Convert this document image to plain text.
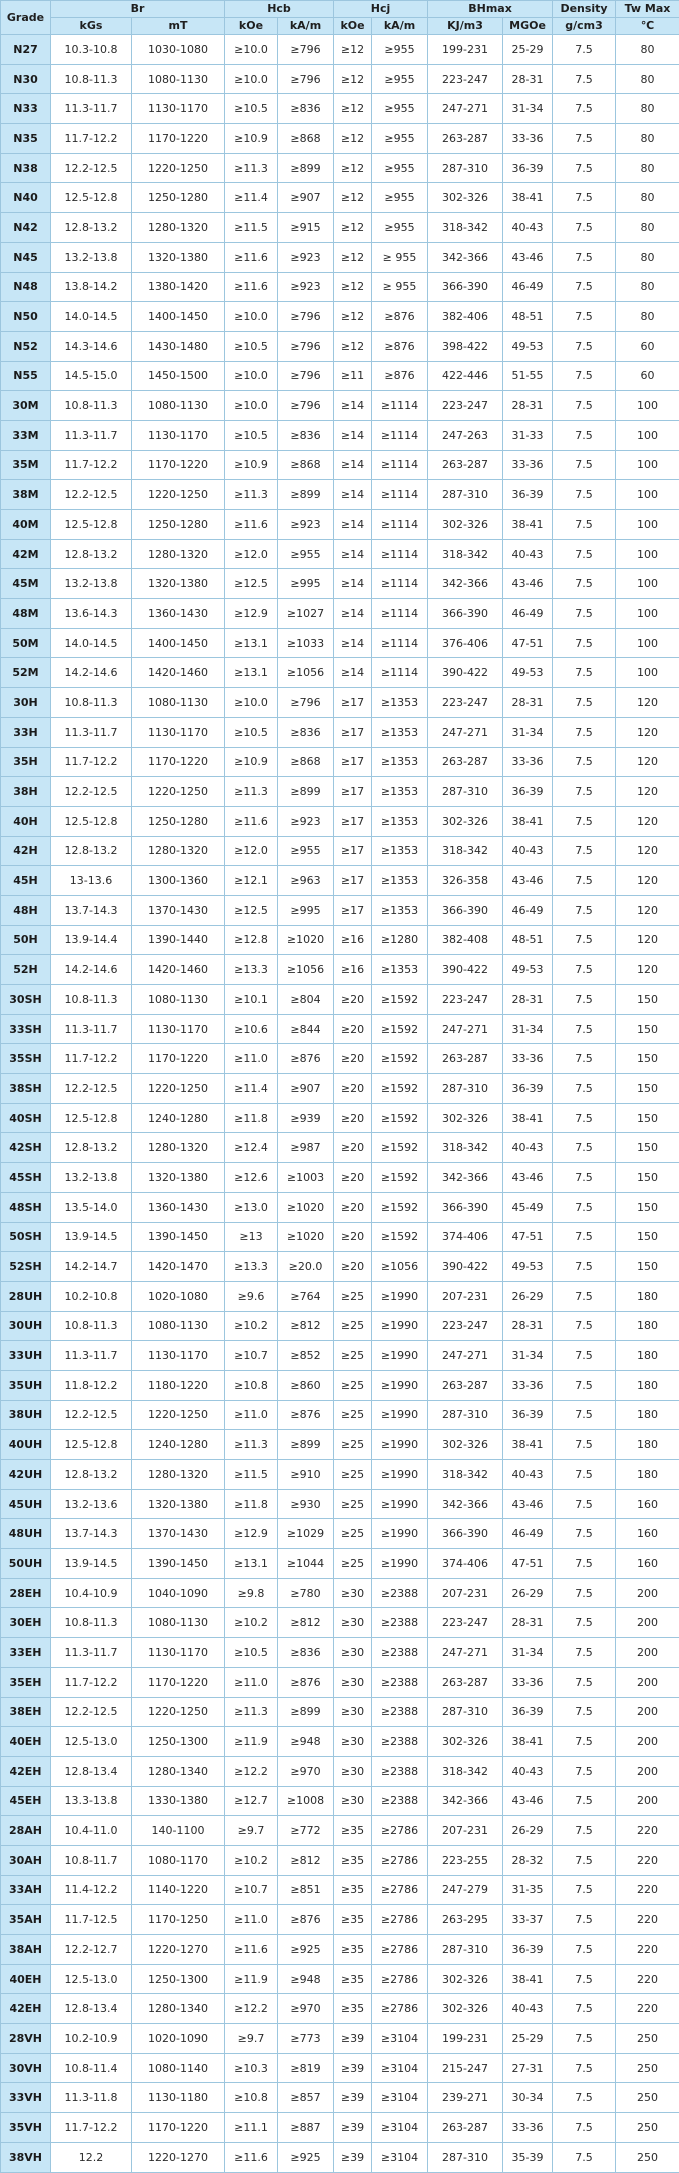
Grade	Br		Hcb		Hcj		BHmax		Density	Tw Max
	kGs	mT	kOe	kA/m	kOe	kA/m	KJ/m3	MGOe	g/cm3	℃
N27	10.3-10.8	1030-1080	≥10.0	≥796	≥12	≥955	199-231	25-29	7.5	80
N30	10.8-11.3	1080-1130	≥10.0	≥796	≥12	≥955	223-247	28-31	7.5	80
N33	11.3-11.7	1130-1170	≥10.5	≥836	≥12	≥955	247-271	31-34	7.5	80
N35	11.7-12.2	1170-1220	≥10.9	≥868	≥12	≥955	263-287	33-36	7.5	80
N38	12.2-12.5	1220-1250	≥11.3	≥899	≥12	≥955	287-310	36-39	7.5	80
N40	12.5-12.8	1250-1280	≥11.4	≥907	≥12	≥955	302-326	38-41	7.5	80
N42	12.8-13.2	1280-1320	≥11.5	≥915	≥12	≥955	318-342	40-43	7.5	80
N45	13.2-13.8	1320-1380	≥11.6	≥923	≥12	≥ 955	342-366	43-46	7.5	80
N48	13.8-14.2	1380-1420	≥11.6	≥923	≥12	≥ 955	366-390	46-49	7.5	80
N50	14.0-14.5	1400-1450	≥10.0	≥796	≥12	≥876	382-406	48-51	7.5	80
N52	14.3-14.6	1430-1480	≥10.5	≥796	≥12	≥876	398-422	49-53	7.5	60
N55	14.5-15.0	1450-1500	≥10.0	≥796	≥11	≥876	422-446	51-55	7.5	60
30M	10.8-11.3	1080-1130	≥10.0	≥796	≥14	≥1114	223-247	28-31	7.5	100
33M	11.3-11.7	1130-1170	≥10.5	≥836	≥14	≥1114	247-263	31-33	7.5	100
35M	11.7-12.2	1170-1220	≥10.9	≥868	≥14	≥1114	263-287	33-36	7.5	100
38M	12.2-12.5	1220-1250	≥11.3	≥899	≥14	≥1114	287-310	36-39	7.5	100
40M	12.5-12.8	1250-1280	≥11.6	≥923	≥14	≥1114	302-326	38-41	7.5	100
42M	12.8-13.2	1280-1320	≥12.0	≥955	≥14	≥1114	318-342	40-43	7.5	100
45M	13.2-13.8	1320-1380	≥12.5	≥995	≥14	≥1114	342-366	43-46	7.5	100
48M	13.6-14.3	1360-1430	≥12.9	≥1027	≥14	≥1114	366-390	46-49	7.5	100
50M	14.0-14.5	1400-1450	≥13.1	≥1033	≥14	≥1114	376-406	47-51	7.5	100
52M	14.2-14.6	1420-1460	≥13.1	≥1056	≥14	≥1114	390-422	49-53	7.5	100
30H	10.8-11.3	1080-1130	≥10.0	≥796	≥17	≥1353	223-247	28-31	7.5	120
33H	11.3-11.7	1130-1170	≥10.5	≥836	≥17	≥1353	247-271	31-34	7.5	120
35H	11.7-12.2	1170-1220	≥10.9	≥868	≥17	≥1353	263-287	33-36	7.5	120
38H	12.2-12.5	1220-1250	≥11.3	≥899	≥17	≥1353	287-310	36-39	7.5	120
40H	12.5-12.8	1250-1280	≥11.6	≥923	≥17	≥1353	302-326	38-41	7.5	120
42H	12.8-13.2	1280-1320	≥12.0	≥955	≥17	≥1353	318-342	40-43	7.5	120
45H	13-13.6	1300-1360	≥12.1	≥963	≥17	≥1353	326-358	43-46	7.5	120
48H	13.7-14.3	1370-1430	≥12.5	≥995	≥17	≥1353	366-390	46-49	7.5	120
50H	13.9-14.4	1390-1440	≥12.8	≥1020	≥16	≥1280	382-408	48-51	7.5	120
52H	14.2-14.6	1420-1460	≥13.3	≥1056	≥16	≥1353	390-422	49-53	7.5	120
30SH	10.8-11.3	1080-1130	≥10.1	≥804	≥20	≥1592	223-247	28-31	7.5	150
33SH	11.3-11.7	1130-1170	≥10.6	≥844	≥20	≥1592	247-271	31-34	7.5	150
35SH	11.7-12.2	1170-1220	≥11.0	≥876	≥20	≥1592	263-287	33-36	7.5	150
38SH	12.2-12.5	1220-1250	≥11.4	≥907	≥20	≥1592	287-310	36-39	7.5	150
40SH	12.5-12.8	1240-1280	≥11.8	≥939	≥20	≥1592	302-326	38-41	7.5	150
42SH	12.8-13.2	1280-1320	≥12.4	≥987	≥20	≥1592	318-342	40-43	7.5	150
45SH	13.2-13.8	1320-1380	≥12.6	≥1003	≥20	≥1592	342-366	43-46	7.5	150
48SH	13.5-14.0	1360-1430	≥13.0	≥1020	≥20	≥1592	366-390	45-49	7.5	150
50SH	13.9-14.5	1390-1450	≥13	≥1020	≥20	≥1592	374-406	47-51	7.5	150
52SH	14.2-14.7	1420-1470	≥13.3	≥20.0	≥20	≥1056	390-422	49-53	7.5	150
28UH	10.2-10.8	1020-1080	≥9.6	≥764	≥25	≥1990	207-231	26-29	7.5	180
30UH	10.8-11.3	1080-1130	≥10.2	≥812	≥25	≥1990	223-247	28-31	7.5	180
33UH	11.3-11.7	1130-1170	≥10.7	≥852	≥25	≥1990	247-271	31-34	7.5	180
35UH	11.8-12.2	1180-1220	≥10.8	≥860	≥25	≥1990	263-287	33-36	7.5	180
38UH	12.2-12.5	1220-1250	≥11.0	≥876	≥25	≥1990	287-310	36-39	7.5	180
40UH	12.5-12.8	1240-1280	≥11.3	≥899	≥25	≥1990	302-326	38-41	7.5	180
42UH	12.8-13.2	1280-1320	≥11.5	≥910	≥25	≥1990	318-342	40-43	7.5	180
45UH	13.2-13.6	1320-1380	≥11.8	≥930	≥25	≥1990	342-366	43-46	7.5	160
48UH	13.7-14.3	1370-1430	≥12.9	≥1029	≥25	≥1990	366-390	46-49	7.5	160
50UH	13.9-14.5	1390-1450	≥13.1	≥1044	≥25	≥1990	374-406	47-51	7.5	160
28EH	10.4-10.9	1040-1090	≥9.8	≥780	≥30	≥2388	207-231	26-29	7.5	200
30EH	10.8-11.3	1080-1130	≥10.2	≥812	≥30	≥2388	223-247	28-31	7.5	200
33EH	11.3-11.7	1130-1170	≥10.5	≥836	≥30	≥2388	247-271	31-34	7.5	200
35EH	11.7-12.2	1170-1220	≥11.0	≥876	≥30	≥2388	263-287	33-36	7.5	200
38EH	12.2-12.5	1220-1250	≥11.3	≥899	≥30	≥2388	287-310	36-39	7.5	200
40EH	12.5-13.0	1250-1300	≥11.9	≥948	≥30	≥2388	302-326	38-41	7.5	200
42EH	12.8-13.4	1280-1340	≥12.2	≥970	≥30	≥2388	318-342	40-43	7.5	200
45EH	13.3-13.8	1330-1380	≥12.7	≥1008	≥30	≥2388	342-366	43-46	7.5	200
28AH	10.4-11.0	140-1100	≥9.7	≥772	≥35	≥2786	207-231	26-29	7.5	220
30AH	10.8-11.7	1080-1170	≥10.2	≥812	≥35	≥2786	223-255	28-32	7.5	220
33AH	11.4-12.2	1140-1220	≥10.7	≥851	≥35	≥2786	247-279	31-35	7.5	220
35AH	11.7-12.5	1170-1250	≥11.0	≥876	≥35	≥2786	263-295	33-37	7.5	220
38AH	12.2-12.7	1220-1270	≥11.6	≥925	≥35	≥2786	287-310	36-39	7.5	220
40EH	12.5-13.0	1250-1300	≥11.9	≥948	≥35	≥2786	302-326	38-41	7.5	220
42EH	12.8-13.4	1280-1340	≥12.2	≥970	≥35	≥2786	302-326	40-43	7.5	220
28VH	10.2-10.9	1020-1090	≥9.7	≥773	≥39	≥3104	199-231	25-29	7.5	250
30VH	10.8-11.4	1080-1140	≥10.3	≥819	≥39	≥3104	215-247	27-31	7.5	250
33VH	11.3-11.8	1130-1180	≥10.8	≥857	≥39	≥3104	239-271	30-34	7.5	250
35VH	11.7-12.2	1170-1220	≥11.1	≥887	≥39	≥3104	263-287	33-36	7.5	250
38VH	12.2	1220-1270	≥11.6	≥925	≥39	≥3104	287-310	35-39	7.5	250
